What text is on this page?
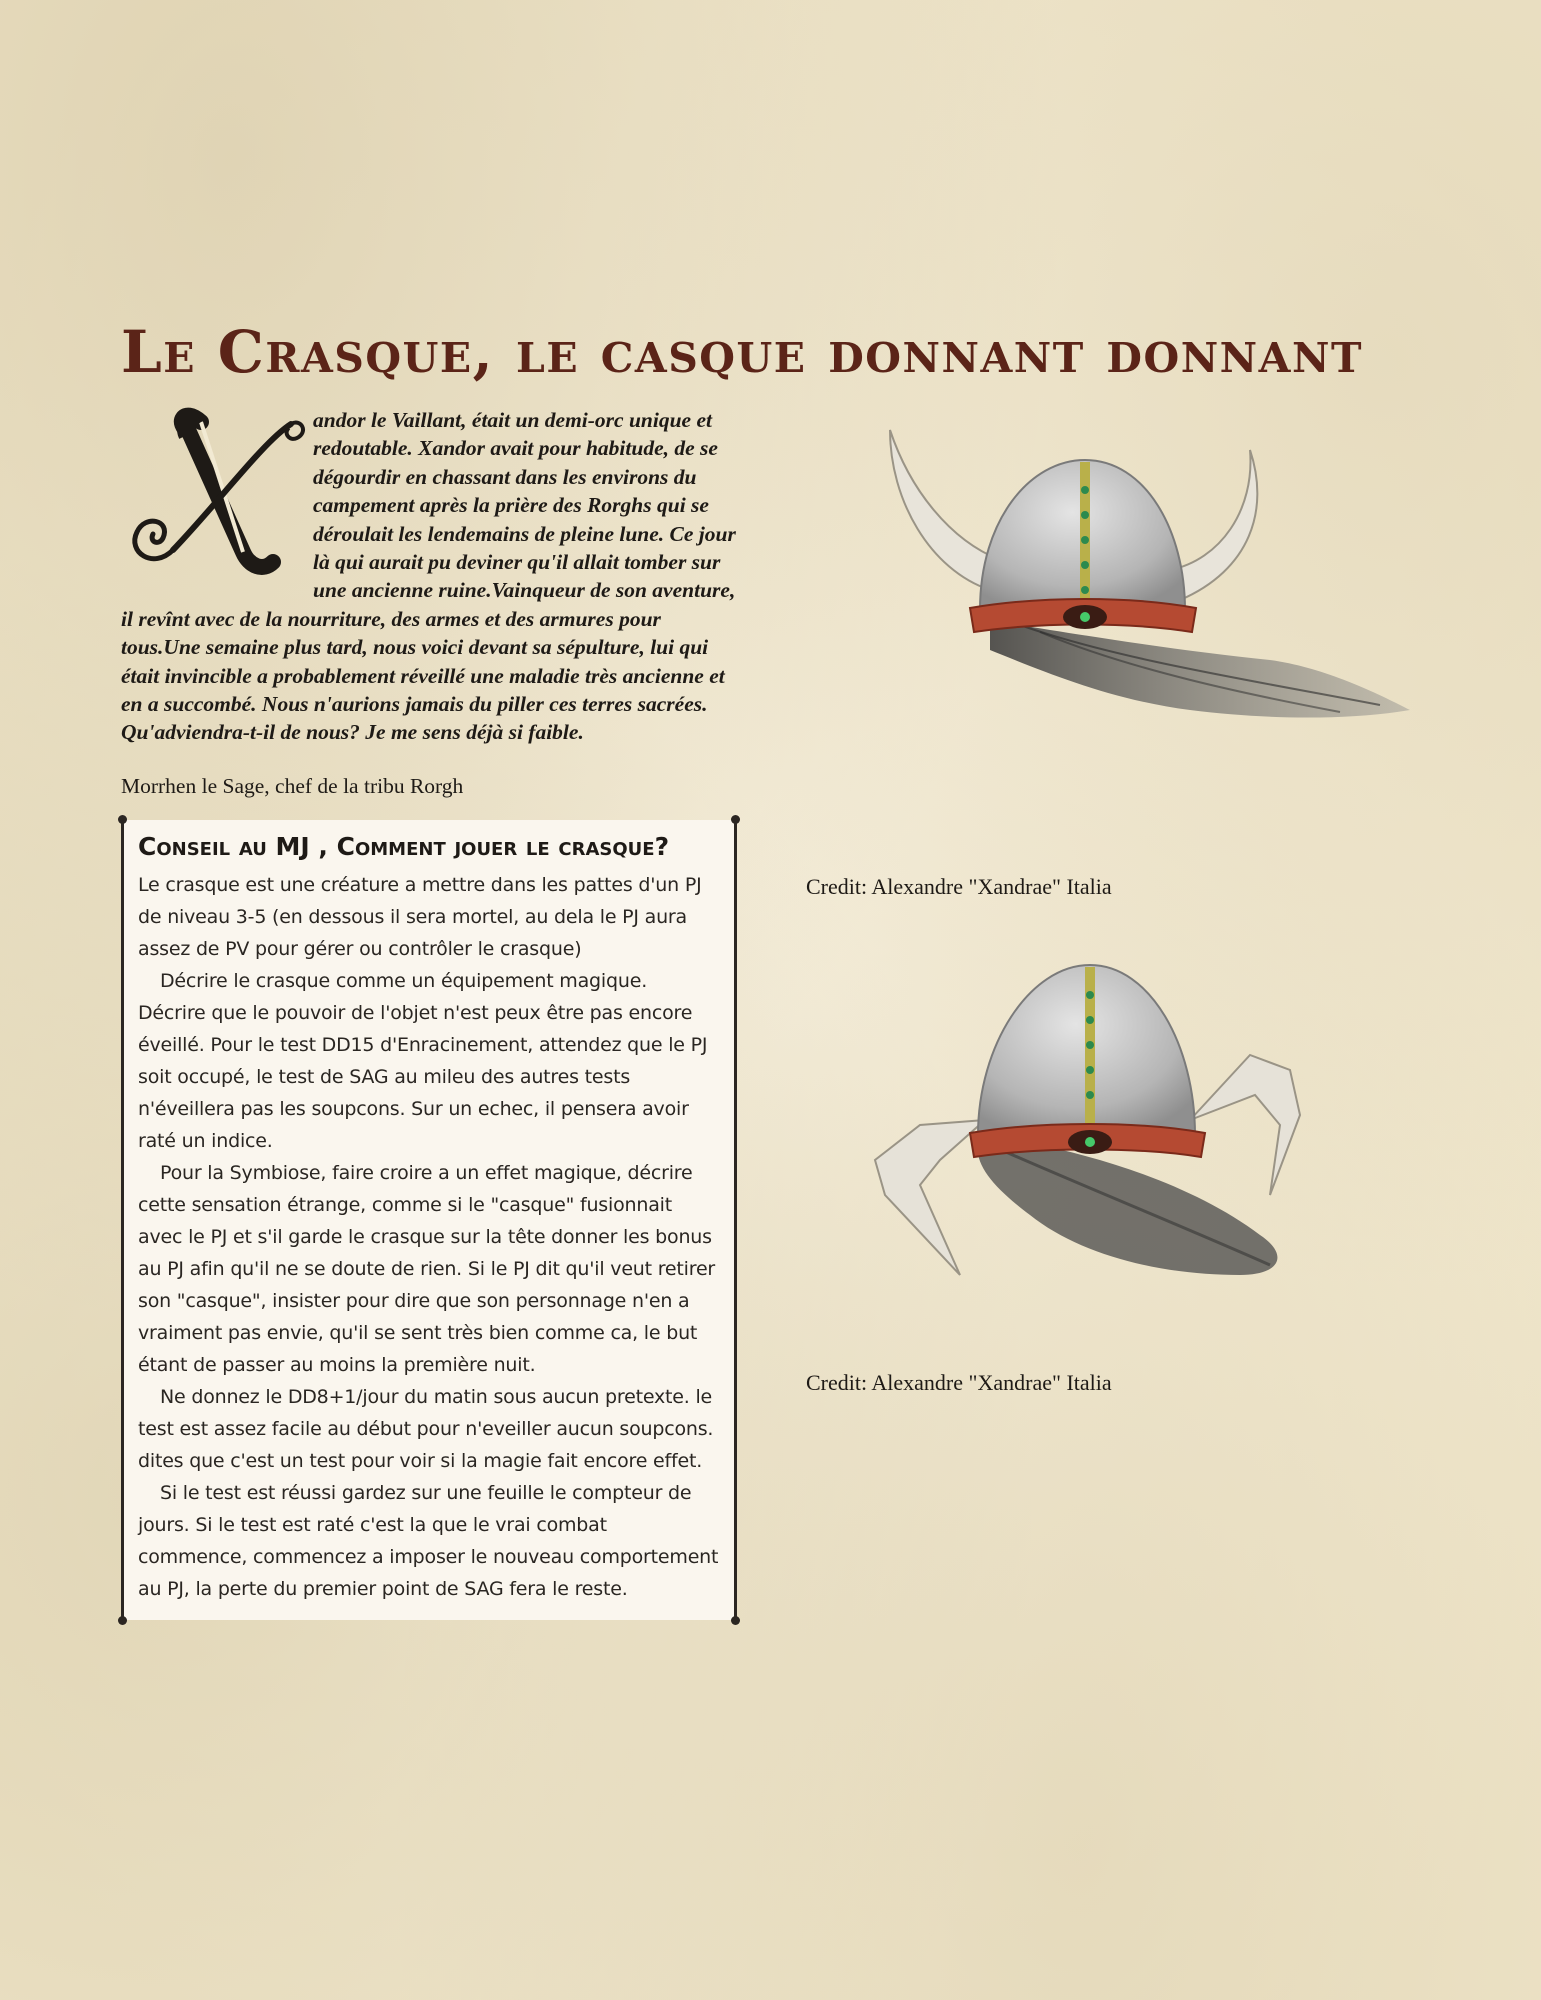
Le Crasque, le casque donnant donnant
andor le Vaillant, était un demi-orc unique et redoutable. Xandor avait pour habitude, de se dégourdir en chassant dans les environs du campement après la prière des Rorghs qui se déroulait les lendemains de pleine lune. Ce jour là qui aurait pu deviner qu'il allait tomber sur une ancienne ruine.Vainqueur de son aventure, il revînt avec de la nourriture, des armes et des armures pour tous.Une semaine plus tard, nous voici devant sa sépulture, lui qui était invincible a probablement réveillé une maladie très ancienne et en a succombé. Nous n'aurions jamais du piller ces terres sacrées. Qu'adviendra-t-il de nous? Je me sens déjà si faible.
Morrhen le Sage, chef de la tribu Rorgh
Conseil au MJ , Comment jouer le crasque?

Le crasque est une créature a mettre dans les pattes d'un PJ de niveau 3-5 (en dessous il sera mortel, au dela le PJ aura assez de PV pour gérer ou contrôler le crasque)

Décrire le crasque comme un équipement magique. Décrire que le pouvoir de l'objet n'est peux être pas encore éveillé. Pour le test DD15 d'Enracinement, attendez que le PJ soit occupé, le test de SAG au mileu des autres tests n'éveillera pas les soupcons. Sur un echec, il pensera avoir raté un indice.

Pour la Symbiose, faire croire a un effet magique, décrire cette sensation étrange, comme si le "casque" fusionnait avec le PJ et s'il garde le crasque sur la tête donner les bonus au PJ afin qu'il ne se doute de rien. Si le PJ dit qu'il veut retirer son "casque", insister pour dire que son personnage n'en a vraiment pas envie, qu'il se sent très bien comme ca, le but étant de passer au moins la première nuit.

Ne donnez le DD8+1/jour du matin sous aucun pretexte. le test est assez facile au début pour n'eveiller aucun soupcons. dites que c'est un test pour voir si la magie fait encore effet.

Si le test est réussi gardez sur une feuille le compteur de jours. Si le test est raté c'est la que le vrai combat commence, commencez a imposer le nouveau comportement au PJ, la perte du premier point de SAG fera le reste.

Credit: Alexandre "Xandrae" Italia
Credit: Alexandre "Xandrae" Italia
